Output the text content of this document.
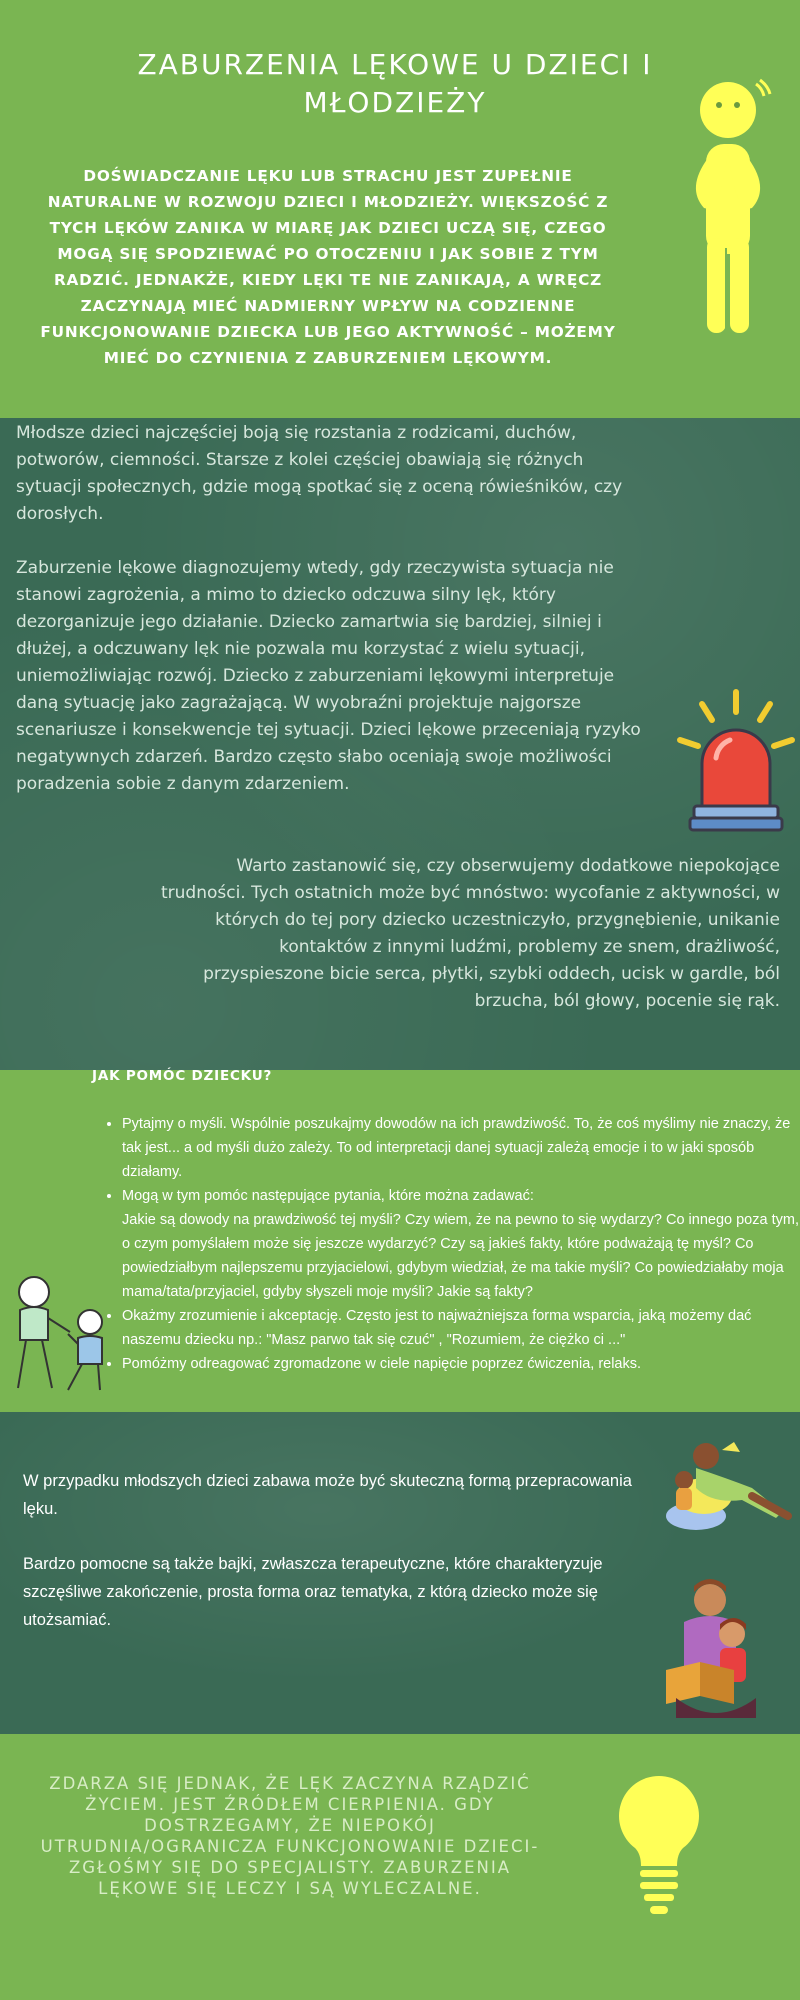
ZABURZENIA LĘKOWE U DZIECI I MŁODZIEŻY
DOŚWIADCZANIE LĘKU LUB STRACHU JEST ZUPEŁNIE NATURALNE W ROZWOJU DZIECI I MŁODZIEŻY. WIĘKSZOŚĆ Z TYCH LĘKÓW ZANIKA W MIARĘ JAK DZIECI UCZĄ SIĘ, CZEGO MOGĄ SIĘ SPODZIEWAĆ PO OTOCZENIU I JAK SOBIE Z TYM RADZIĆ. JEDNAKŻE, KIEDY LĘKI TE NIE ZANIKAJĄ, A WRĘCZ ZACZYNAJĄ MIEĆ NADMIERNY WPŁYW NA CODZIENNE FUNKCJONOWANIE DZIECKA LUB JEGO AKTYWNOŚĆ – MOŻEMY MIEĆ DO CZYNIENIA Z ZABURZENIEM LĘKOWYM.
Młodsze dzieci najczęściej boją się rozstania z rodzicami, duchów, potworów, ciemności. Starsze z kolei częściej obawiają się różnych sytuacji społecznych, gdzie mogą spotkać się z oceną rówieśników, czy dorosłych.
Zaburzenie lękowe diagnozujemy wtedy, gdy rzeczywista sytuacja nie stanowi zagrożenia, a mimo to dziecko odczuwa silny lęk, który dezorganizuje jego działanie. Dziecko zamartwia się bardziej, silniej i dłużej, a odczuwany lęk nie pozwala mu korzystać z wielu sytuacji, uniemożliwiając rozwój. Dziecko z zaburzeniami lękowymi interpretuje daną sytuację jako zagrażającą. W wyobraźni projektuje najgorsze scenariusze i konsekwencje tej sytuacji. Dzieci lękowe przeceniają ryzyko negatywnych zdarzeń. Bardzo często słabo oceniają swoje możliwości poradzenia sobie z danym zdarzeniem.
Warto zastanowić się, czy obserwujemy dodatkowe niepokojące trudności. Tych ostatnich może być mnóstwo: wycofanie z aktywności, w których do tej pory dziecko uczestniczyło, przygnębienie, unikanie kontaktów z innymi ludźmi, problemy ze snem, drażliwość, przyspieszone bicie serca, płytki, szybki oddech, ucisk w gardle, ból brzucha, ból głowy, pocenie się rąk.
JAK POMÓC DZIECKU?
• Pytajmy o myśli. Wspólnie poszukajmy dowodów na ich prawdziwość. To, że coś myślimy nie znaczy, że tak jest... a od myśli dużo zależy. To od interpretacji danej sytuacji zależą emocje i to w jaki sposób działamy.
• Mogą w tym pomóc następujące pytania, które można zadawać:
Jakie są dowody na prawdziwość tej myśli? Czy wiem, że na pewno to się wydarzy? Co innego poza tym, o czym pomyślałem może się jeszcze wydarzyć? Czy są jakieś fakty, które podważają tę myśl? Co powiedziałbym najlepszemu przyjacielowi, gdybym wiedział, że ma takie myśli? Co powiedziałaby moja mama/tata/przyjaciel, gdyby słyszeli moje myśli? Jakie są fakty?
• Okażmy zrozumienie i akceptację. Często jest to najważniejsza forma wsparcia, jaką możemy dać naszemu dziecku np.: "Masz parwo tak się czuć" , "Rozumiem, że ciężko ci ..."
• Pomóżmy odreagować zgromadzone w ciele napięcie poprzez ćwiczenia, relaks.
W przypadku młodszych dzieci zabawa może być skuteczną formą przepracowania lęku.
Bardzo pomocne są także bajki, zwłaszcza terapeutyczne, które charakteryzuje szczęśliwe zakończenie, prosta forma oraz tematyka, z którą dziecko może się utożsamiać.
ZDARZA SIĘ JEDNAK, ŻE LĘK ZACZYNA RZĄDZIĆ ŻYCIEM. JEST ŹRÓDŁEM CIERPIENIA. GDY DOSTRZEGAMY, ŻE NIEPOKÓJ UTRUDNIA/OGRANICZA FUNKCJONOWANIE DZIECI- ZGŁOŚMY SIĘ DO SPECJALISTY. ZABURZENIA LĘKOWE SIĘ LECZY I SĄ WYLECZALNE.
